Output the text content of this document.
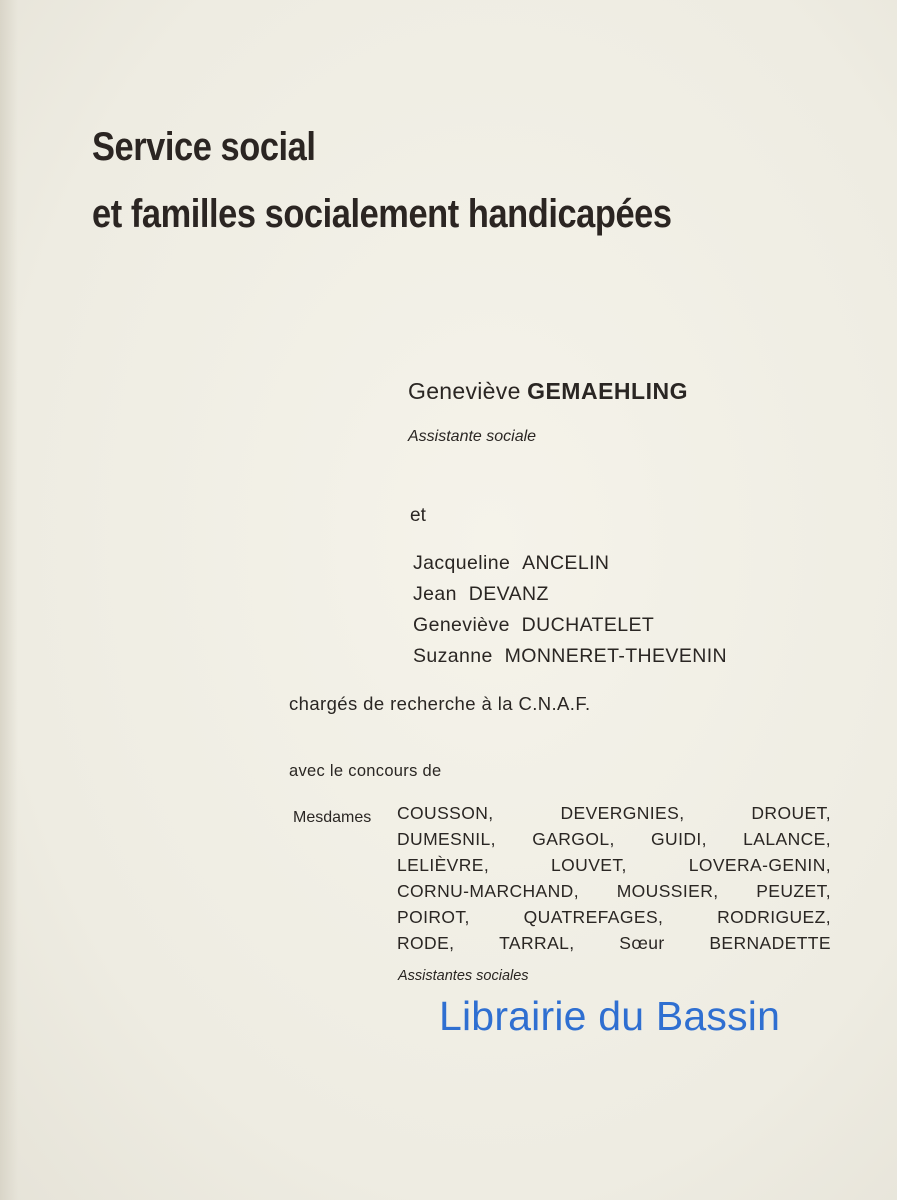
Service social
et familles socialement handicapées
Geneviève GEMAEHLING
Assistante sociale
et
Jacqueline ANCELIN
Jean DEVANZ
Geneviève DUCHATELET
Suzanne MONNERET-THEVENIN
chargés de recherche à la C.N.A.F.
avec le concours de
Mesdames COUSSON,	DEVERGNIES,	DROUET,
DUMESNIL, GARGOL, GUIDI, LALANCE,
LELIÈVRE,	LOUVET,	LOVERA-GENIN,
CORNU-MARCHAND, MOUSSIER, PEUZET,
POIROT,	QUATREFAGES,	RODRIGUEZ,
RODE,	TARRAL,	Sœur	BERNADETTE
Assistantes sociales
Librairie du Bassin
